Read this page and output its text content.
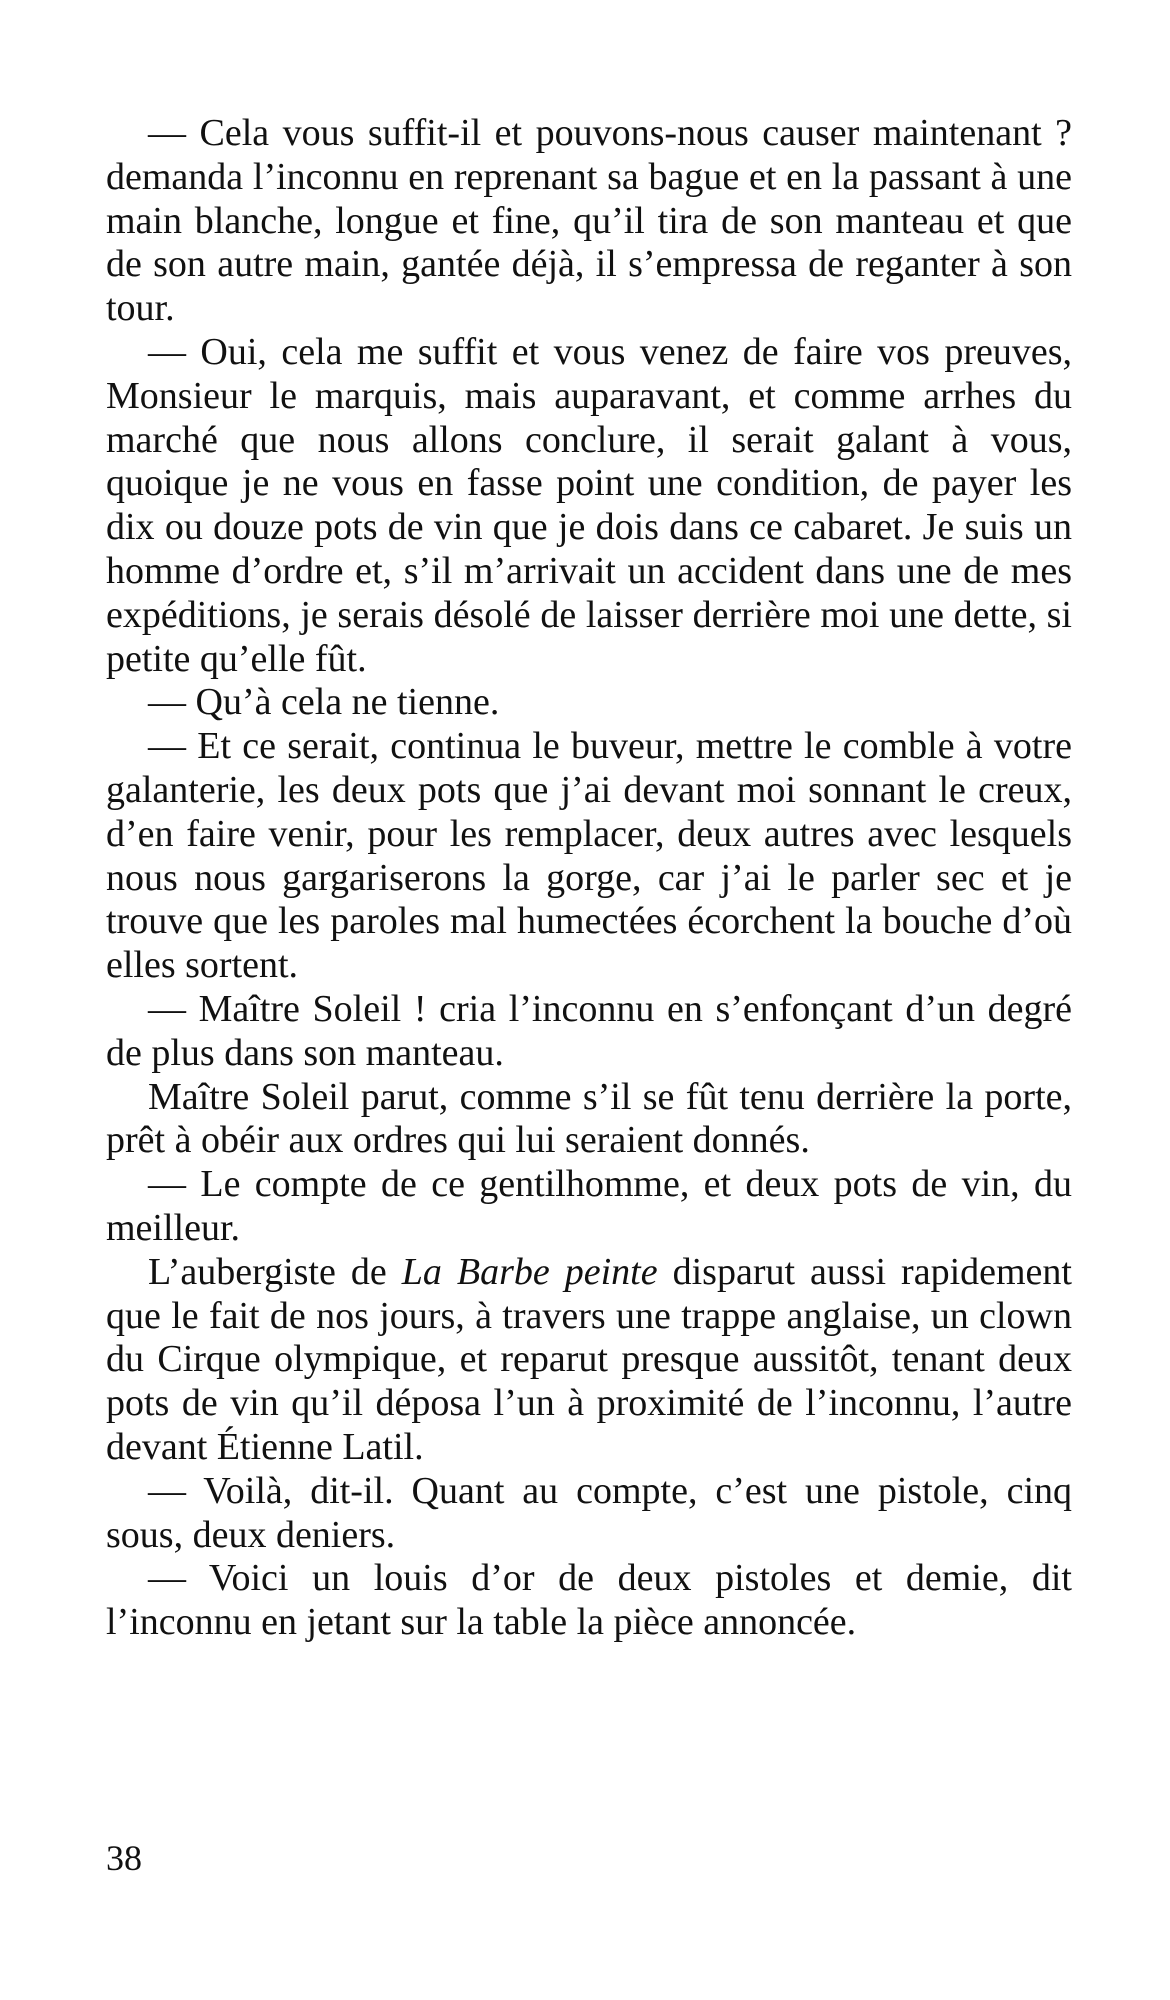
— Cela vous suffit-il et pouvons-nous causer maintenant ? demanda l’inconnu en reprenant sa bague et en la passant à une main blanche, longue et fine, qu’il tira de son manteau et que de son autre main, gantée déjà, il s’empressa de reganter à son tour.

— Oui, cela me suffit et vous venez de faire vos preuves, Monsieur le marquis, mais auparavant, et comme arrhes du marché que nous allons conclure, il serait galant à vous, quoique je ne vous en fasse point une condition, de payer les dix ou douze pots de vin que je dois dans ce cabaret. Je suis un homme d’ordre et, s’il m’arrivait un accident dans une de mes expéditions, je serais désolé de laisser derrière moi une dette, si petite qu’elle fût.

— Qu’à cela ne tienne.

— Et ce serait, continua le buveur, mettre le comble à votre galanterie, les deux pots que j’ai devant moi sonnant le creux, d’en faire venir, pour les remplacer, deux autres avec lesquels nous nous gargariserons la gorge, car j’ai le parler sec et je trouve que les paroles mal humectées écorchent la bouche d’où elles sortent.

— Maître Soleil ! cria l’inconnu en s’enfonçant d’un degré de plus dans son manteau.

Maître Soleil parut, comme s’il se fût tenu derrière la porte, prêt à obéir aux ordres qui lui seraient donnés.

— Le compte de ce gentilhomme, et deux pots de vin, du meilleur.

L’aubergiste de La Barbe peinte disparut aussi rapidement que le fait de nos jours, à travers une trappe anglaise, un clown du Cirque olympique, et reparut presque aussitôt, tenant deux pots de vin qu’il déposa l’un à proximité de l’inconnu, l’autre devant Étienne Latil.

— Voilà, dit-il. Quant au compte, c’est une pistole, cinq sous, deux deniers.

— Voici un louis d’or de deux pistoles et demie, dit l’inconnu en jetant sur la table la pièce annoncée.

38
